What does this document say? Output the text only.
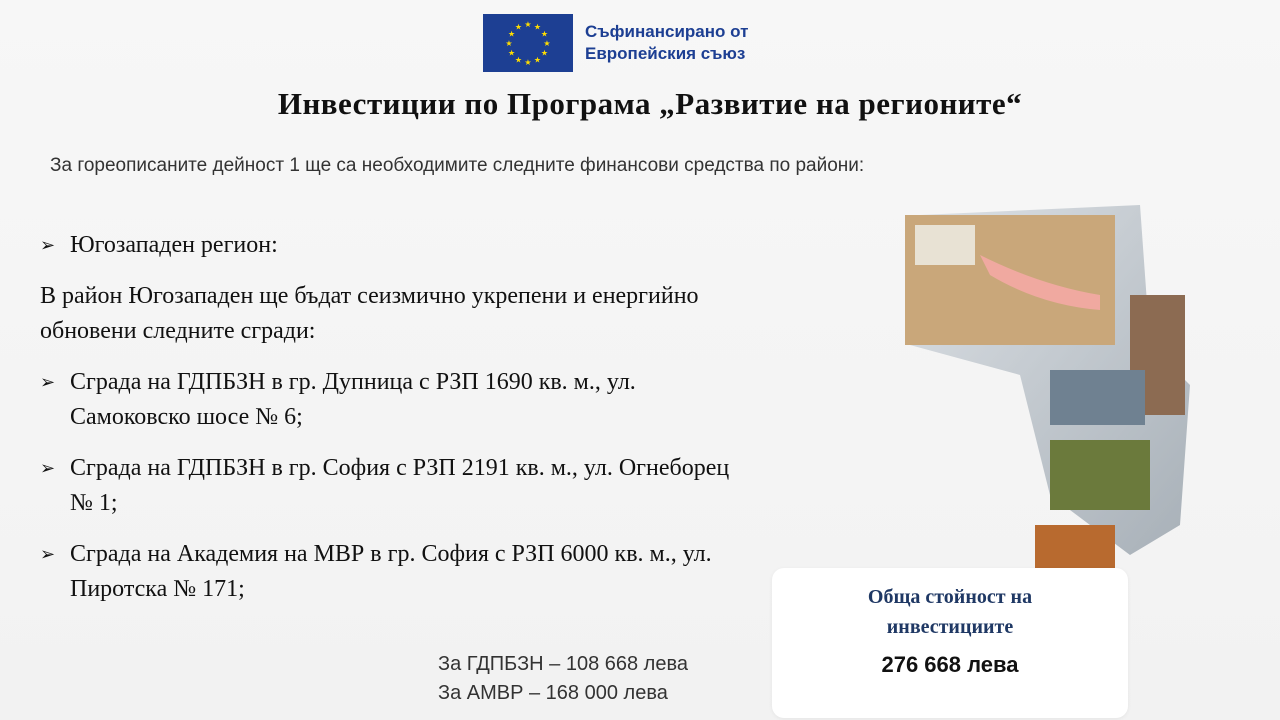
★ ★
★
★
★
★
★
★
★
★
★
★	Съфинансирано от
Европейския съюз
Инвестиции по Програма „Развитие на регионите“
За гореописаните дейност 1 ще са необходимите следните финансови средства по райони:
➢ Югозападен регион:

В район Югозападен ще бъдат сеизмично укрепени и енергийно обновени следните сгради:

➢ Сграда на ГДПБЗН в гр. Дупница с РЗП 1690 кв. м., ул. Самоковско шосе № 6;
➢ Сграда на ГДПБЗН в гр. София с РЗП 2191 кв. м., ул. Огнеборец № 1;
➢ Сграда на Академия на МВР в гр. София с РЗП 6000 кв. м., ул. Пиротска № 171;	Обща стойност на инвестициите
276 668 лева
За ГДПБЗН – 108 668 лева
За АМВР – 168 000 лева
